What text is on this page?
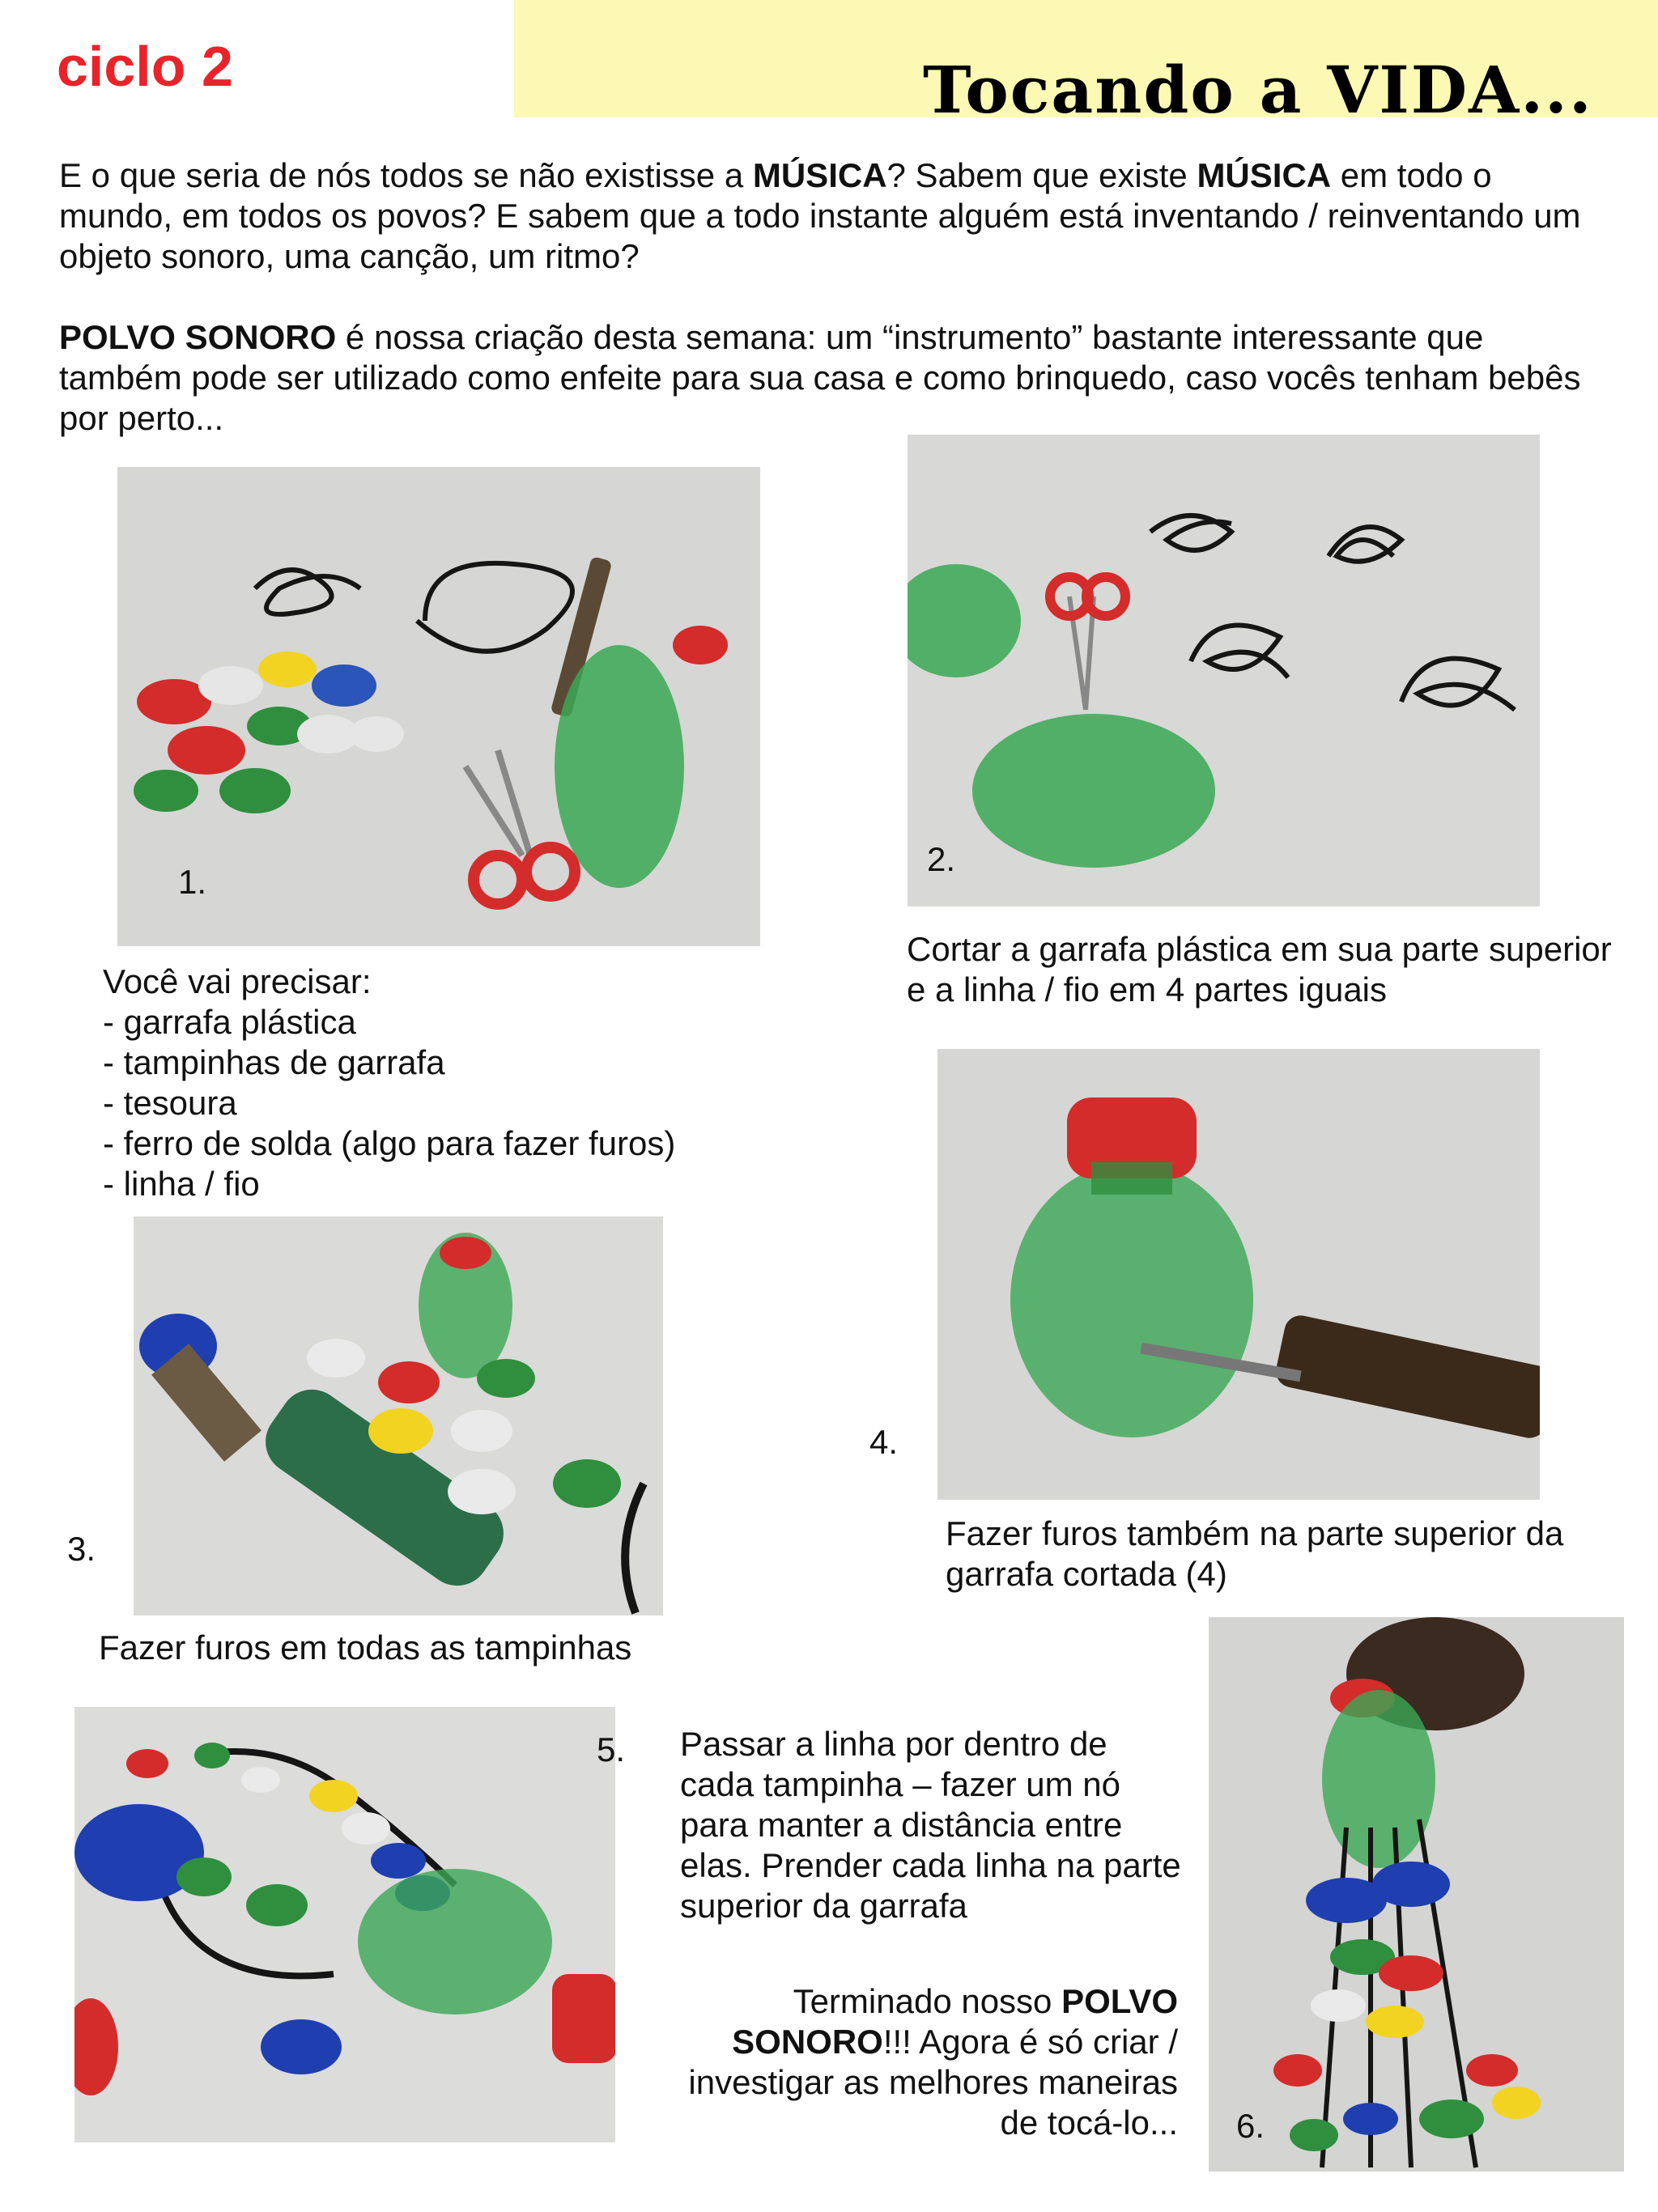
ciclo 2	Tocando a VIDA...
E o que seria de nós todos se não existisse a MÚSICA? Sabem que existe MÚSICA em todo o mundo, em todos os povos? E sabem que a todo instante alguém está inventando / reinventando um objeto sonoro, uma canção, um ritmo?
POLVO SONORO é nossa criação desta semana: um “instrumento” bastante interessante que também pode ser utilizado como enfeite para sua casa e como brinquedo, caso vocês tenham bebês por perto...
1.
2.
Cortar a garrafa plástica em sua parte superior e a linha / fio em 4 partes iguais
Você vai precisar:
- garrafa plástica
- tampinhas de garrafa
- tesoura
- ferro de solda (algo para fazer furos)
- linha / fio
3.
Fazer furos em todas as tampinhas
4.
Fazer furos também na parte superior da garrafa cortada (4)
5. Passar a linha por dentro de cada tampinha – fazer um nó para manter a distância entre elas. Prender cada linha na parte superior da garrafa
Terminado nosso POLVO SONORO!!! Agora é só criar / investigar as melhores maneiras de tocá-lo... 6.
